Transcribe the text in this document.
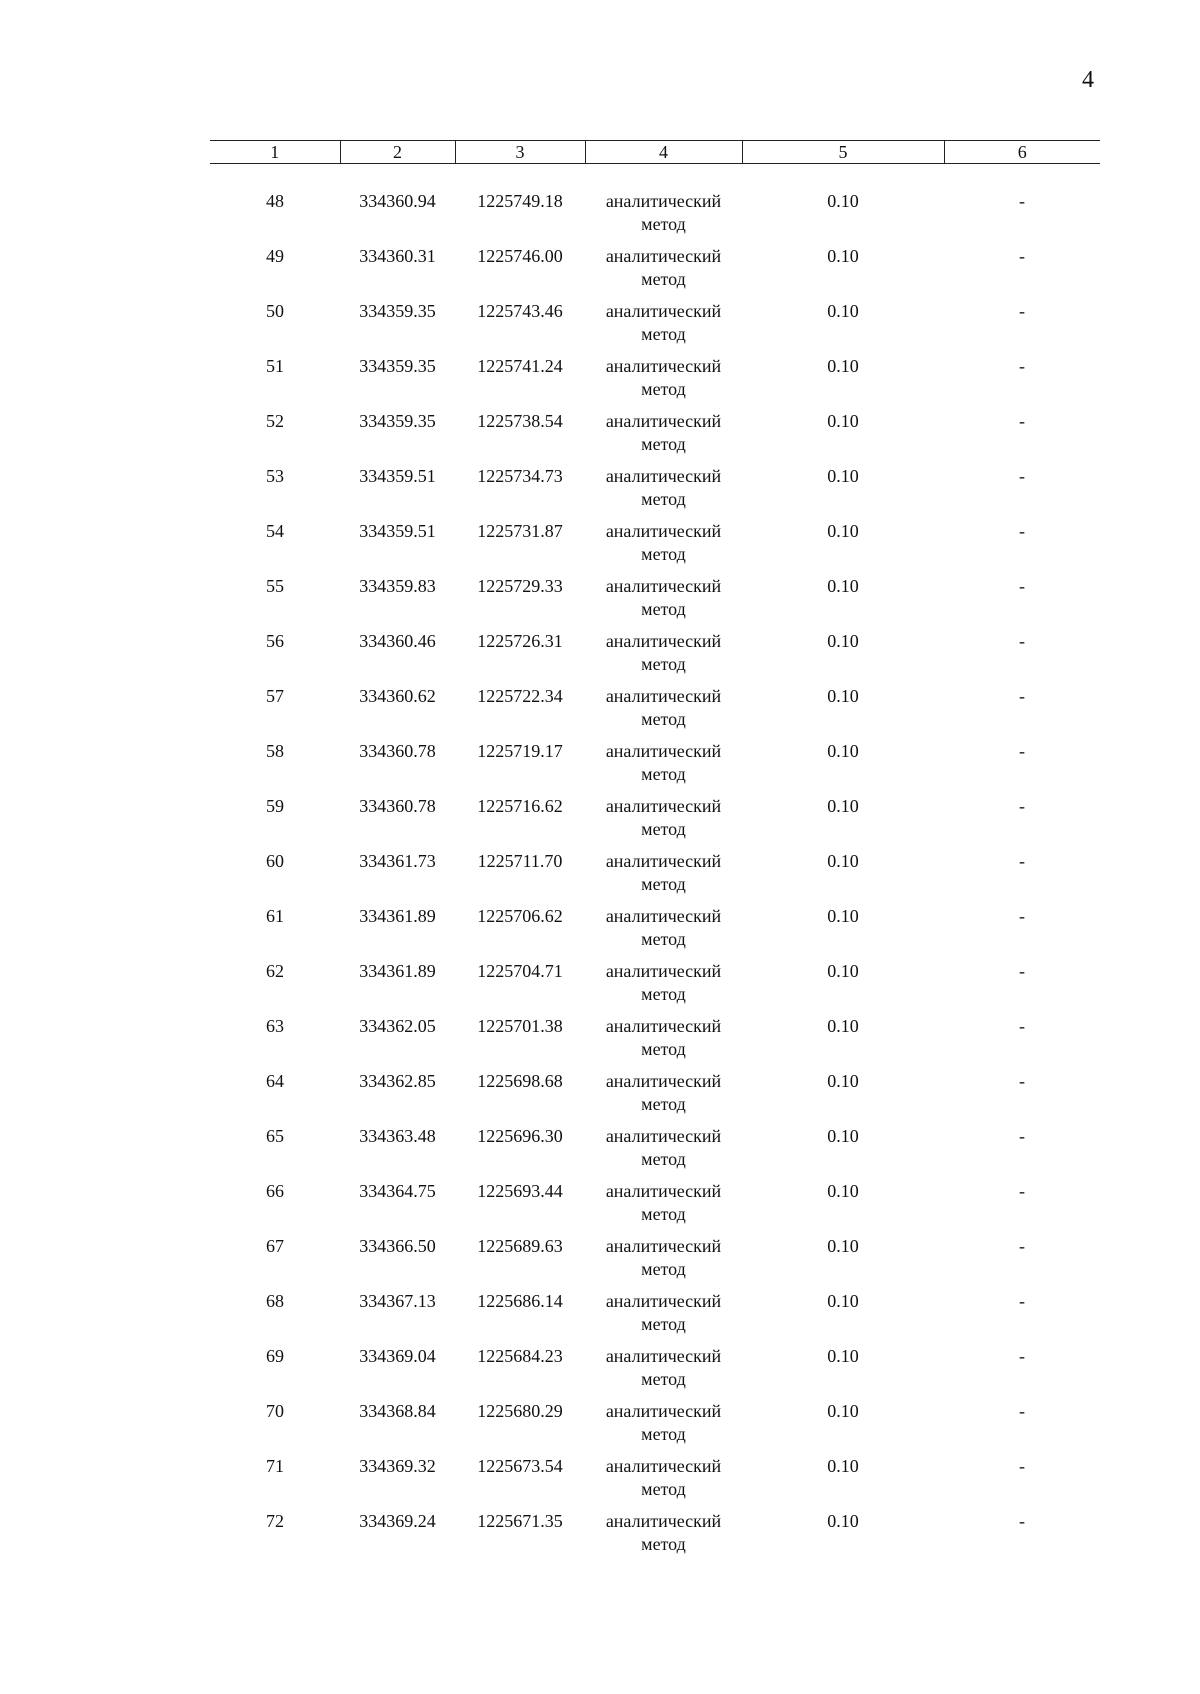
4
1	2	3	4	5	6

48	334360.94	1225749.18	аналитический метод	0.10	-
49	334360.31	1225746.00	аналитический метод	0.10	-
50	334359.35	1225743.46	аналитический метод	0.10	-
51	334359.35	1225741.24	аналитический метод	0.10	-
52	334359.35	1225738.54	аналитический метод	0.10	-
53	334359.51	1225734.73	аналитический метод	0.10	-
54	334359.51	1225731.87	аналитический метод	0.10	-
55	334359.83	1225729.33	аналитический метод	0.10	-
56	334360.46	1225726.31	аналитический метод	0.10	-
57	334360.62	1225722.34	аналитический метод	0.10	-
58	334360.78	1225719.17	аналитический метод	0.10	-
59	334360.78	1225716.62	аналитический метод	0.10	-
60	334361.73	1225711.70	аналитический метод	0.10	-
61	334361.89	1225706.62	аналитический метод	0.10	-
62	334361.89	1225704.71	аналитический метод	0.10	-
63	334362.05	1225701.38	аналитический метод	0.10	-
64	334362.85	1225698.68	аналитический метод	0.10	-
65	334363.48	1225696.30	аналитический метод	0.10	-
66	334364.75	1225693.44	аналитический метод	0.10	-
67	334366.50	1225689.63	аналитический метод	0.10	-
68	334367.13	1225686.14	аналитический метод	0.10	-
69	334369.04	1225684.23	аналитический метод	0.10	-
70	334368.84	1225680.29	аналитический метод	0.10	-
71	334369.32	1225673.54	аналитический метод	0.10	-
72	334369.24	1225671.35	аналитический метод	0.10	-
